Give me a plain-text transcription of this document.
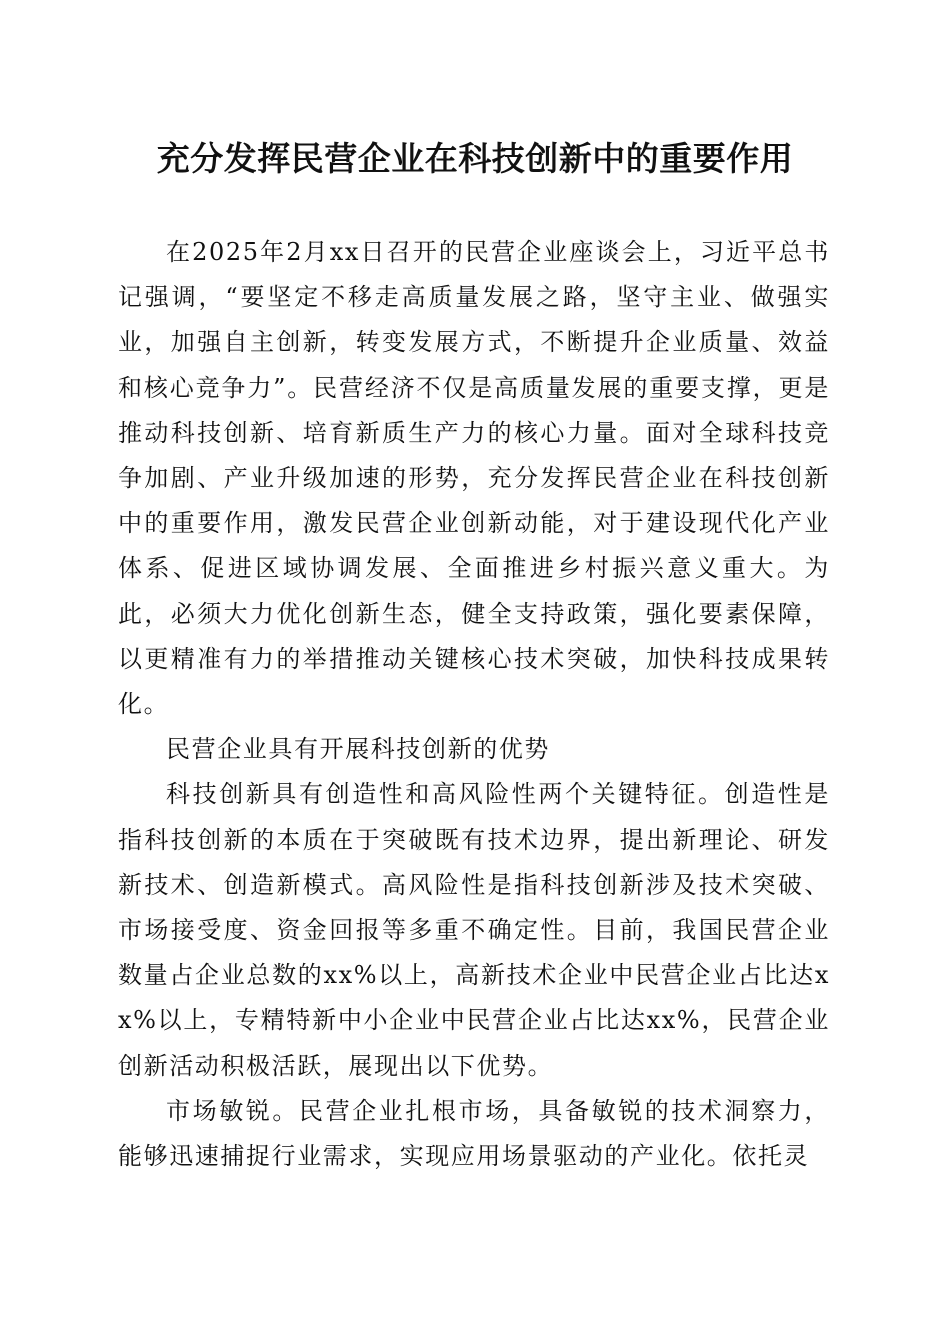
充分发挥民营企业在科技创新中的重要作用

在2025年2月xx日召开的民营企业座谈会上，习近平总书记强调，“要坚定不移走高质量发展之路，坚守主业、做强实业，加强自主创新，转变发展方式，不断提升企业质量、效益和核心竞争力”。民营经济不仅是高质量发展的重要支撑，更是推动科技创新、培育新质生产力的核心力量。面对全球科技竞争加剧、产业升级加速的形势，充分发挥民营企业在科技创新中的重要作用，激发民营企业创新动能，对于建设现代化产业体系、促进区域协调发展、全面推进乡村振兴意义重大。为此，必须大力优化创新生态，健全支持政策，强化要素保障，以更精准有力的举措推动关键核心技术突破，加快科技成果转化。

民营企业具有开展科技创新的优势

科技创新具有创造性和高风险性两个关键特征。创造性是指科技创新的本质在于突破既有技术边界，提出新理论、研发新技术、创造新模式。高风险性是指科技创新涉及技术突破、市场接受度、资金回报等多重不确定性。目前，我国民营企业数量占企业总数的xx%以上，高新技术企业中民营企业占比达xx%以上，专精特新中小企业中民营企业占比达xx%，民营企业创新活动积极活跃，展现出以下优势。

市场敏锐。民营企业扎根市场，具备敏锐的技术洞察力，能够迅速捕捉行业需求，实现应用场景驱动的产业化。依托灵
